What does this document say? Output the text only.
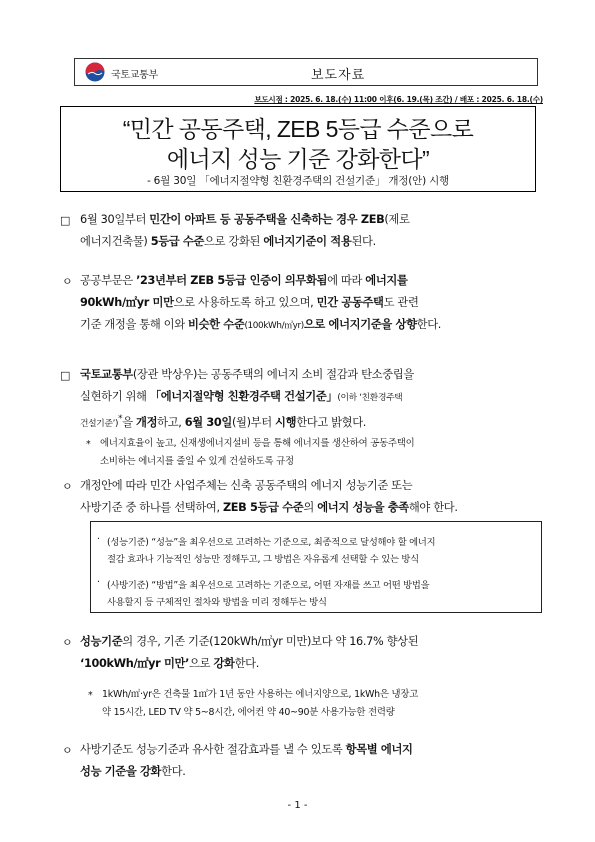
국토교통부	보도자료
보도시점 : 2025. 6. 18.(수) 11:00 이후(6. 19.(목) 조간) / 배포 : 2025. 6. 18.(수)
“민간 공동주택, ZEB 5등급 수준으로
에너지 성능 기준 강화한다”
- 6월 30일 「에너지절약형 친환경주택의 건설기준」 개정(안) 시행
□ 6월 30일부터 민간이 아파트 등 공동주택을 신축하는 경우 ZEB(제로
에너지건축물) 5등급 수준으로 강화된 에너지기준이 적용된다.
ㅇ 공공부문은 ’23년부터 ZEB 5등급 인증이 의무화됨에 따라 에너지를
90kWh/㎡yr 미만으로 사용하도록 하고 있으며, 민간 공동주택도 관련
기준 개정을 통해 이와 비슷한 수준(100kWh/㎡yr)으로 에너지기준을 상향한다.
□ 국토교통부(장관 박상우)는 공동주택의 에너지 소비 절감과 탄소중립을
실현하기 위해 「에너지절약형 친환경주택 건설기준」(이하 ‘친환경주택
건설기준’)*을 개정하고, 6월 30일(월)부터 시행한다고 밝혔다.
* 에너지효율이 높고, 신재생에너지설비 등을 통해 에너지를 생산하여 공동주택이
소비하는 에너지를 줄일 수 있게 건설하도록 규정
ㅇ 개정안에 따라 민간 사업주체는 신축 공동주택의 에너지 성능기준 또는
사방기준 중 하나를 선택하여, ZEB 5등급 수준의 에너지 성능을 충족해야 한다.
· (성능기준) “성능”을 최우선으로 고려하는 기준으로, 최종적으로 달성해야 할 에너지
절감 효과나 기능적인 성능만 정해두고, 그 방법은 자유롭게 선택할 수 있는 방식
· (사방기준) “방법”을 최우선으로 고려하는 기준으로, 어떤 자재를 쓰고 어떤 방법을
사용할지 등 구체적인 절차와 방법을 미리 정해두는 방식
ㅇ 성능기준의 경우, 기존 기준(120kWh/㎡yr 미만)보다 약 16.7% 향상된
‘100kWh/㎡yr 미만’으로 강화한다.
* 1kWh/㎡·yr은 건축물 1㎡가 1년 동안 사용하는 에너지양으로, 1kWh은 냉장고
약 15시간, LED TV 약 5~8시간, 에어컨 약 40~90분 사용가능한 전력량
ㅇ 사방기준도 성능기준과 유사한 절감효과를 낼 수 있도록 항목별 에너지
성능 기준을 강화한다.
- 1 -
